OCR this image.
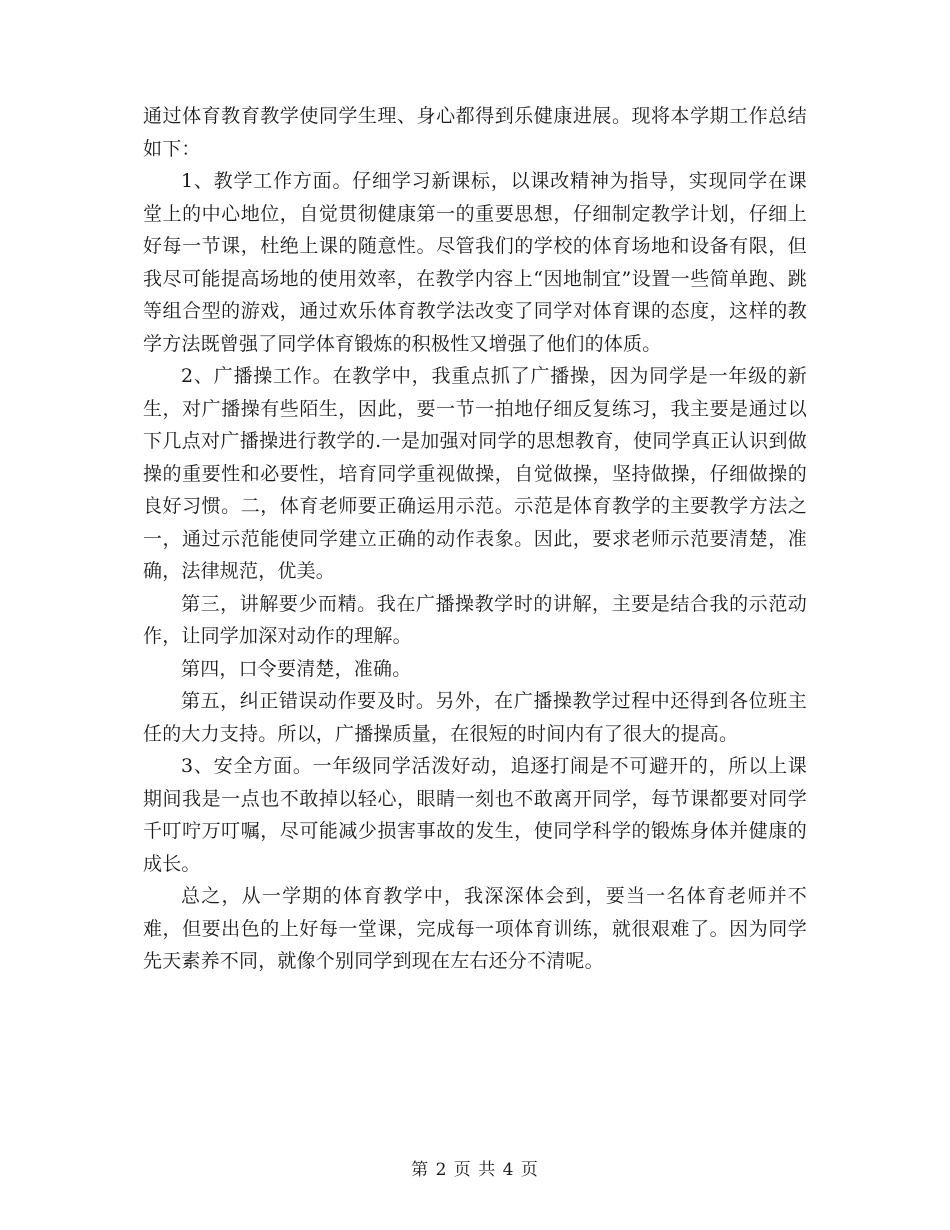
通过体育教育教学使同学生理、身心都得到乐健康进展。现将本学期工作总结如下：

1、教学工作方面。仔细学习新课标，以课改精神为指导，实现同学在课堂上的中心地位，自觉贯彻健康第一的重要思想，仔细制定教学计划，仔细上好每一节课，杜绝上课的随意性。尽管我们的学校的体育场地和设备有限，但我尽可能提高场地的使用效率，在教学内容上“因地制宜”设置一些简单跑、跳等组合型的游戏，通过欢乐体育教学法改变了同学对体育课的态度，这样的教学方法既曾强了同学体育锻炼的积极性又增强了他们的体质。

2、广播操工作。在教学中，我重点抓了广播操，因为同学是一年级的新生，对广播操有些陌生，因此，要一节一拍地仔细反复练习，我主要是通过以下几点对广播操进行教学的.一是加强对同学的思想教育，使同学真正认识到做操的重要性和必要性，培育同学重视做操，自觉做操，坚持做操，仔细做操的良好习惯。二，体育老师要正确运用示范。示范是体育教学的主要教学方法之一，通过示范能使同学建立正确的动作表象。因此，要求老师示范要清楚，准确，法律规范，优美。

第三，讲解要少而精。我在广播操教学时的讲解，主要是结合我的示范动作，让同学加深对动作的理解。

第四，口令要清楚，准确。

第五，纠正错误动作要及时。另外，在广播操教学过程中还得到各位班主任的大力支持。所以，广播操质量，在很短的时间内有了很大的提高。

3、安全方面。一年级同学活泼好动，追逐打闹是不可避开的，所以上课期间我是一点也不敢掉以轻心，眼睛一刻也不敢离开同学，每节课都要对同学千叮咛万叮嘱，尽可能减少损害事故的发生，使同学科学的锻炼身体并健康的成长。

总之，从一学期的体育教学中，我深深体会到，要当一名体育老师并不难，但要出色的上好每一堂课，完成每一项体育训练，就很艰难了。因为同学先天素养不同，就像个别同学到现在左右还分不清呢。

第 2 页 共 4 页
